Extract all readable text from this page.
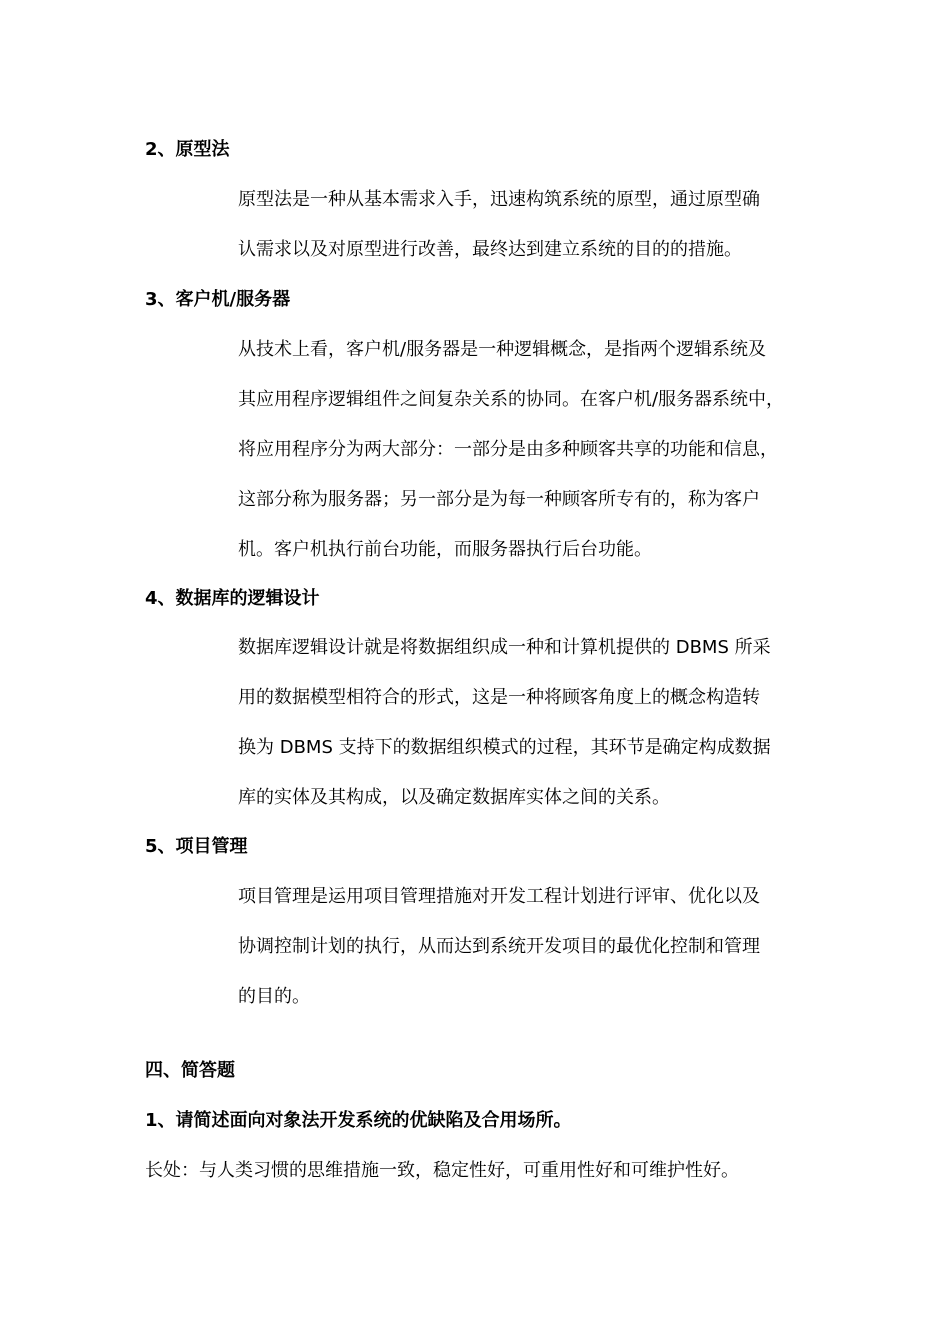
2、原型法
原型法是一种从基本需求入手，迅速构筑系统的原型，通过原型确
认需求以及对原型进行改善，最终达到建立系统的目的的措施。
3、客户机/服务器
从技术上看，客户机/服务器是一种逻辑概念，是指两个逻辑系统及
其应用程序逻辑组件之间复杂关系的协同。在客户机/服务器系统中，
将应用程序分为两大部分：一部分是由多种顾客共享的功能和信息，
这部分称为服务器；另一部分是为每一种顾客所专有的，称为客户
机。客户机执行前台功能，而服务器执行后台功能。
4、数据库的逻辑设计
数据库逻辑设计就是将数据组织成一种和计算机提供的 DBMS 所采
用的数据模型相符合的形式，这是一种将顾客角度上的概念构造转
换为 DBMS 支持下的数据组织模式的过程，其环节是确定构成数据
库的实体及其构成，以及确定数据库实体之间的关系。
5、项目管理
项目管理是运用项目管理措施对开发工程计划进行评审、优化以及
协调控制计划的执行，从而达到系统开发项目的最优化控制和管理
的目的。
四、简答题
1、请简述面向对象法开发系统的优缺陷及合用场所。
长处：与人类习惯的思维措施一致，稳定性好，可重用性好和可维护性好。
